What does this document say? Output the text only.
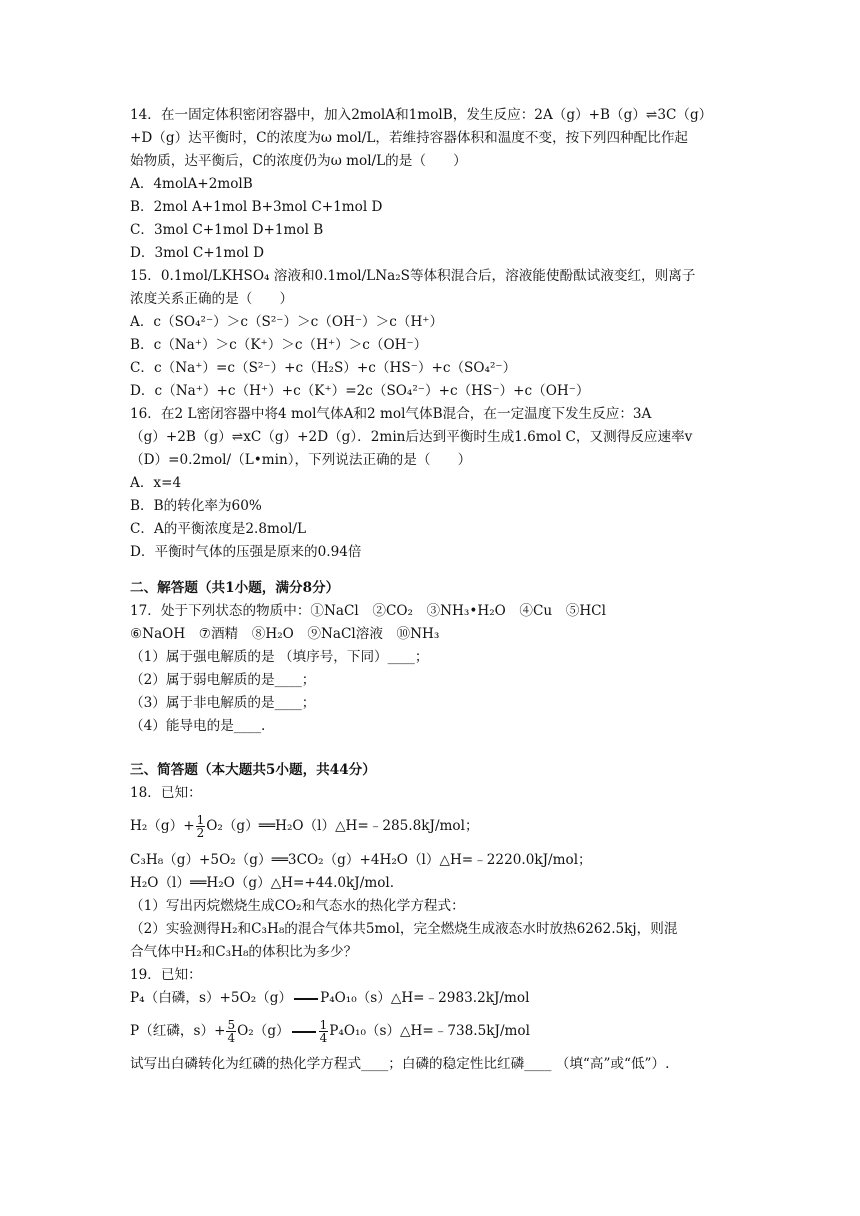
14．在一固定体积密闭容器中，加入2molA和1molB，发生反应：2A（g）+B（g）⇌3C（g）
+D（g）达平衡时，C的浓度为ω mol/L，若维持容器体积和温度不变，按下列四种配比作起
始物质，达平衡后，C的浓度仍为ω mol/L的是（　　）
A．4molA+2molB
B．2mol A+1mol B+3mol C+1mol D
C．3mol C+1mol D+1mol B
D．3mol C+1mol D
15．0.1mol/LKHSO₄ 溶液和0.1mol/LNa₂S等体积混合后，溶液能使酚酞试液变红，则离子
浓度关系正确的是（　　）
A．c（SO₄²⁻）＞c（S²⁻）＞c（OH⁻）＞c（H⁺）
B．c（Na⁺）＞c（K⁺）＞c（H⁺）＞c（OH⁻）
C．c（Na⁺）=c（S²⁻）+c（H₂S）+c（HS⁻）+c（SO₄²⁻）
D．c（Na⁺）+c（H⁺）+c（K⁺）=2c（SO₄²⁻）+c（HS⁻）+c（OH⁻）
16．在2 L密闭容器中将4 mol气体A和2 mol气体B混合，在一定温度下发生反应：3A
（g）+2B（g）⇌xC（g）+2D（g）．2min后达到平衡时生成1.6mol C，又测得反应速率v
（D）=0.2mol/（L•min），下列说法正确的是（　　）
A．x=4
B．B的转化率为60%
C．A的平衡浓度是2.8mol/L
D．平衡时气体的压强是原来的0.94倍
二、解答题（共1小题，满分8分）
17．处于下列状态的物质中：①NaCl　②CO₂　③NH₃•H₂O　④Cu　⑤HCl
⑥NaOH　⑦酒精　⑧H₂O　⑨NaCl溶液　⑩NH₃
（1）属于强电解质的是 （填序号，下同）____；
（2）属于弱电解质的是____；
（3）属于非电解质的是____；
（4）能导电的是____.
三、简答题（本大题共5小题，共44分）
18．已知：
$H_2(g)+ \frac{1}{2}$ O₂（g）══H₂O（l）△H=﹣285.8kJ/mol；
C₃H₈（g）+5O₂（g）══3CO₂（g）+4H₂O（l）△H=﹣2220.0kJ/mol；
H₂O（l）══H₂O（g）△H=+44.0kJ/mol.
（1）写出丙烷燃烧生成CO₂和气态水的热化学方程式：
（2）实验测得H₂和C₃H₈的混合气体共5mol，完全燃烧生成液态水时放热6262.5kj，则混
合气体中H₂和C₃H₈的体积比为多少？
19．已知：
P₄（白磷，s）+5O₂（g） P₄O₁₀（s）△H=﹣2983.2kJ/mol
P（红磷，$s)+ \frac{5}{4} O_2(g) \frac{1}{4}$ P₄O₁₀（s）△H=﹣738.5kJ/mol
试写出白磷转化为红磷的热化学方程式____；白磷的稳定性比红磷____ （填“高”或“低”）.
